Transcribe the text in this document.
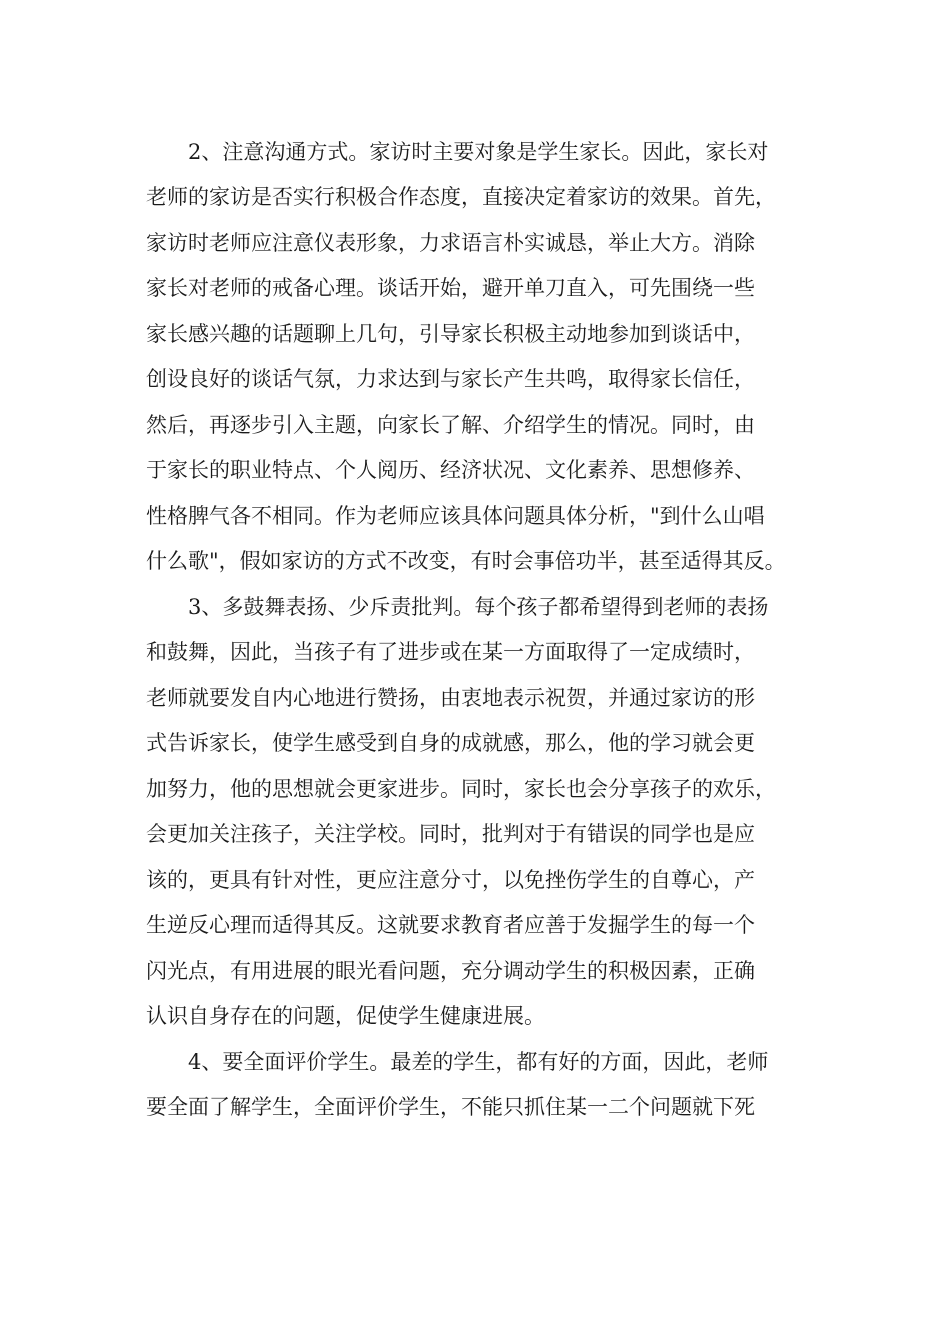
2、注意沟通方式。家访时主要对象是学生家长。因此，家长对
老师的家访是否实行积极合作态度，直接决定着家访的效果。首先，
家访时老师应注意仪表形象，力求语言朴实诚恳，举止大方。消除
家长对老师的戒备心理。谈话开始，避开单刀直入，可先围绕一些
家长感兴趣的话题聊上几句，引导家长积极主动地参加到谈话中，
创设良好的谈话气氛，力求达到与家长产生共鸣，取得家长信任，
然后，再逐步引入主题，向家长了解、介绍学生的情况。同时，由
于家长的职业特点、个人阅历、经济状况、文化素养、思想修养、
性格脾气各不相同。作为老师应该具体问题具体分析，"到什么山唱
什么歌"，假如家访的方式不改变，有时会事倍功半，甚至适得其反。
3、多鼓舞表扬、少斥责批判。每个孩子都希望得到老师的表扬
和鼓舞，因此，当孩子有了进步或在某一方面取得了一定成绩时，
老师就要发自内心地进行赞扬，由衷地表示祝贺，并通过家访的形
式告诉家长，使学生感受到自身的成就感，那么，他的学习就会更
加努力，他的思想就会更家进步。同时，家长也会分享孩子的欢乐，
会更加关注孩子，关注学校。同时，批判对于有错误的同学也是应
该的，更具有针对性，更应注意分寸，以免挫伤学生的自尊心，产
生逆反心理而适得其反。这就要求教育者应善于发掘学生的每一个
闪光点，有用进展的眼光看问题，充分调动学生的积极因素，正确
认识自身存在的问题，促使学生健康进展。
4、要全面评价学生。最差的学生，都有好的方面，因此，老师
要全面了解学生，全面评价学生，不能只抓住某一二个问题就下死
